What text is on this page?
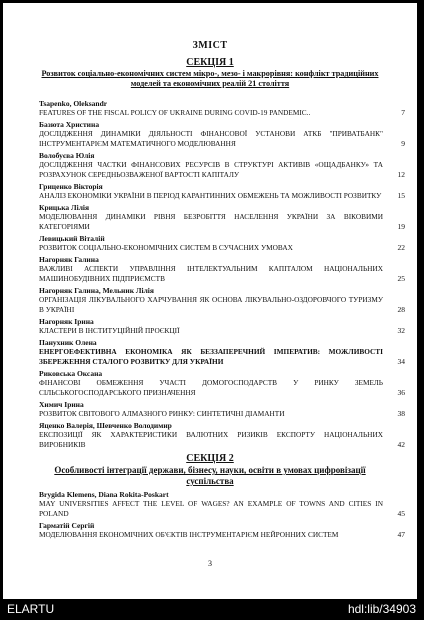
ЗМІСТ
СЕКЦІЯ 1
Розвиток соціально-економічних систем мікро-, мезо- і макрорівня: конфлікт традиційних моделей та економічних реалій 21 століття
Tsapenko, Oleksandr
FEATURES OF THE FISCAL POLICY OF UKRAINE DURING COVID-19 PANDEMIC..	7
Базюта Христина
ДОСЛІДЖЕННЯ ДИНАМІКИ ДІЯЛЬНОСТІ ФІНАНСОВОЇ УСТАНОВИ АТКБ "ПРИВАТБАНК" ІНСТРУМЕНТАРІЄМ МАТЕМАТИЧНОГО МОДЕЛЮВАННЯ	9
Волобуєва Юлія
ДОСЛІДЖЕННЯ ЧАСТКИ ФІНАНСОВИХ РЕСУРСІВ В СТРУКТУРІ АКТИВІВ «ОЩАДБАНКУ» ТА РОЗРАХУНОК СЕРЕДНЬОЗВАЖЕНОЇ ВАРТОСТІ КАПІТАЛУ	12
Гриценко Вікторія
АНАЛІЗ ЕКОНОМІКИ УКРАЇНИ В ПЕРІОД КАРАНТИННИХ ОБМЕЖЕНЬ ТА МОЖЛИВОСТІ РОЗВИТКУ 15
Крицька Лілія
МОДЕЛЮВАННЯ ДИНАМІКИ РІВНЯ БЕЗРОБІТТЯ НАСЕЛЕННЯ УКРАЇНИ ЗА ВІКОВИМИ КАТЕГОРІЯМИ	19
Левицький Віталій
РОЗВИТОК СОЦІАЛЬНО-ЕКОНОМІЧНИХ СИСТЕМ В СУЧАСНИХ УМОВАХ	22
Нагорняк Галина
ВАЖЛИВІ АСПЕКТИ УПРАВЛІННЯ ІНТЕЛЕКТУАЛЬНИМ КАПІТАЛОМ НАЦІОНАЛЬНИХ МАШИНОБУДІВНИХ ПІДПРИЄМСТВ	25
Нагорняк Галина, Мельник Лілія
ОРГАНІЗАЦІЯ ЛІКУВАЛЬНОГО ХАРЧУВАННЯ ЯК ОСНОВА ЛІКУВАЛЬНО-ОЗДОРОВЧОГО ТУРИЗМУ В УКРАЇНІ	28
Нагорняк Ірина
КЛАСТЕРИ В ІНСТИТУЦІЙНІЙ ПРОЄКЦІЇ	32
Панухник Олена
ЕНЕРГОЕФЕКТИВНА ЕКОНОМІКА ЯК БЕЗЗАПЕРЕЧНИЙ ІМПЕРАТИВ: МОЖЛИВОСТІ ЗБЕРЕЖЕННЯ СТАЛОГО РОЗВИТКУ ДЛЯ УКРАЇНИ	34
Риковська Оксана
ФІНАНСОВІ ОБМЕЖЕННЯ УЧАСТІ ДОМОГОСПОДАРСТВ У РИНКУ ЗЕМЕЛЬ СІЛЬСЬКОГОСПОДАРСЬКОГО ПРИЗНАЧЕННЯ	36
Химич Ірина
РОЗВИТОК СВІТОВОГО АЛМАЗНОГО РИНКУ: СИНТЕТИЧНІ ДІАМАНТИ	38
Яценко Валерія, Шевченко Володимир
ЕКСПОЗИЦІЇ ЯК ХАРАКТЕРИСТИКИ ВАЛЮТНИХ РИЗИКІВ ЕКСПОРТУ НАЦІОНАЛЬНИХ ВИРОБНИКІВ	42
СЕКЦІЯ 2
Особливості інтеграції держави, бізнесу, науки, освіти в умовах цифровізації суспільства
Brygida Klemens, Diana Rokita-Poskart
MAY UNIVERSITIES AFFECT THE LEVEL OF WAGES? AN EXAMPLE OF TOWNS AND CITIES IN POLAND	45
Гарматій Сергій
МОДЕЛЮВАННЯ ЕКОНОМІЧНИХ ОБ'ЄКТІВ ІНСТРУМЕНТАРІЄМ НЕЙРОННИХ СИСТЕМ	47
3
ELARTU	hdl:lib/34903
